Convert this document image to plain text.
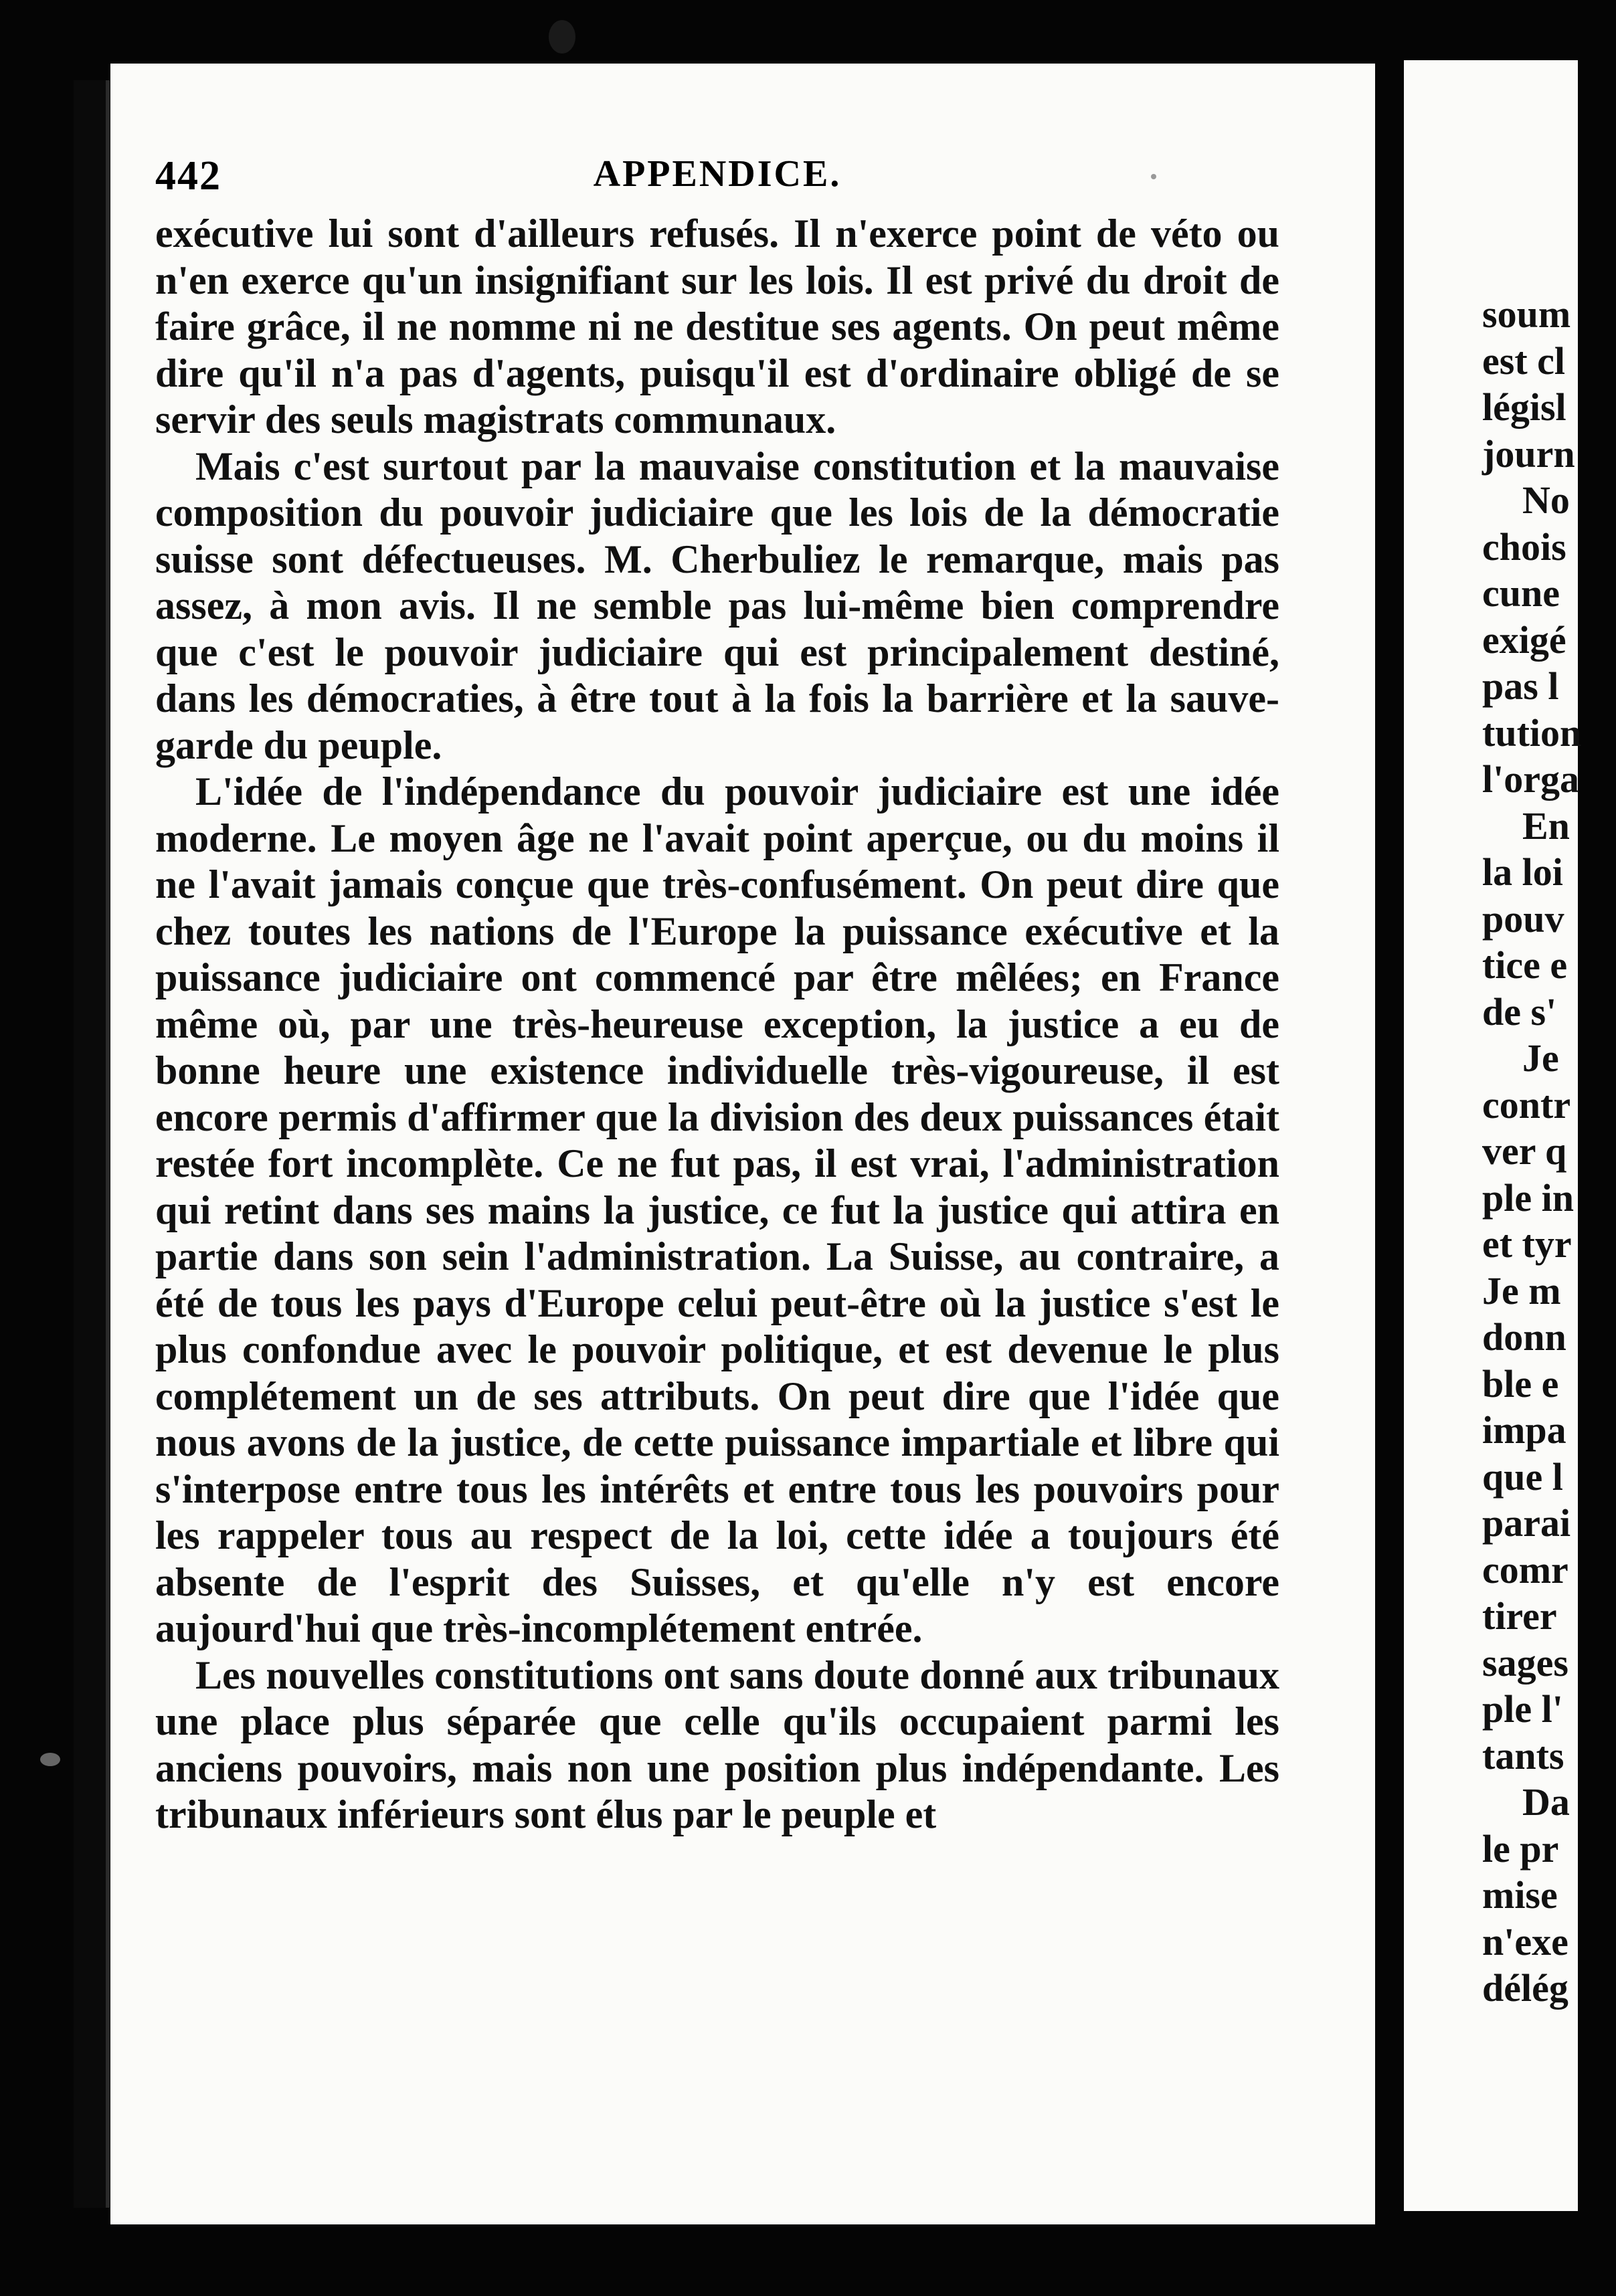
442	APPENDICE.

exécutive lui sont d'ailleurs refusés. Il n'exerce point de véto ou n'en exerce qu'un insignifiant sur les lois. Il est privé du droit de faire grâce, il ne nomme ni ne destitue ses agents. On peut même dire qu'il n'a pas d'agents, puisqu'il est d'ordinaire obligé de se servir des seuls magistrats communaux.

Mais c'est surtout par la mauvaise constitution et la mauvaise composition du pouvoir judiciaire que les lois de la démocratie suisse sont défectueuses. M. Cherbuliez le remarque, mais pas assez, à mon avis. Il ne semble pas lui-même bien comprendre que c'est le pouvoir judiciaire qui est principalement destiné, dans les démocraties, à être tout à la fois la barrière et la sauve-garde du peuple.

L'idée de l'indépendance du pouvoir judiciaire est une idée moderne. Le moyen âge ne l'avait point aperçue, ou du moins il ne l'avait jamais conçue que très-confusément. On peut dire que chez toutes les nations de l'Europe la puissance exécutive et la puissance judiciaire ont commencé par être mêlées; en France même où, par une très-heureuse exception, la justice a eu de bonne heure une existence individuelle très-vigoureuse, il est encore permis d'affirmer que la division des deux puissances était restée fort incomplète. Ce ne fut pas, il est vrai, l'administration qui retint dans ses mains la justice, ce fut la justice qui attira en partie dans son sein l'administration. La Suisse, au contraire, a été de tous les pays d'Europe celui peut-être où la justice s'est le plus confondue avec le pouvoir politique, et est devenue le plus complétement un de ses attributs. On peut dire que l'idée que nous avons de la justice, de cette puissance impartiale et libre qui s'interpose entre tous les intérêts et entre tous les pouvoirs pour les rappeler tous au respect de la loi, cette idée a toujours été absente de l'esprit des Suisses, et qu'elle n'y est encore aujourd'hui que très-incomplétement entrée.

Les nouvelles constitutions ont sans doute donné aux tribunaux une place plus séparée que celle qu'ils occupaient parmi les anciens pouvoirs, mais non une position plus indépendante. Les tribunaux inférieurs sont élus par le peuple et

soum
est cl
législ
journ
No
chois
cune
exigé
pas l
tution
l'orga
En
la loi
pouv
tice e
de s'
Je
contr
ver q
ple in
et tyr
Je m
donn
ble e
impa
que l
parai
comr
tirer
sages
ple l'
tants
Da
le pr
mise
n'exe
délég
